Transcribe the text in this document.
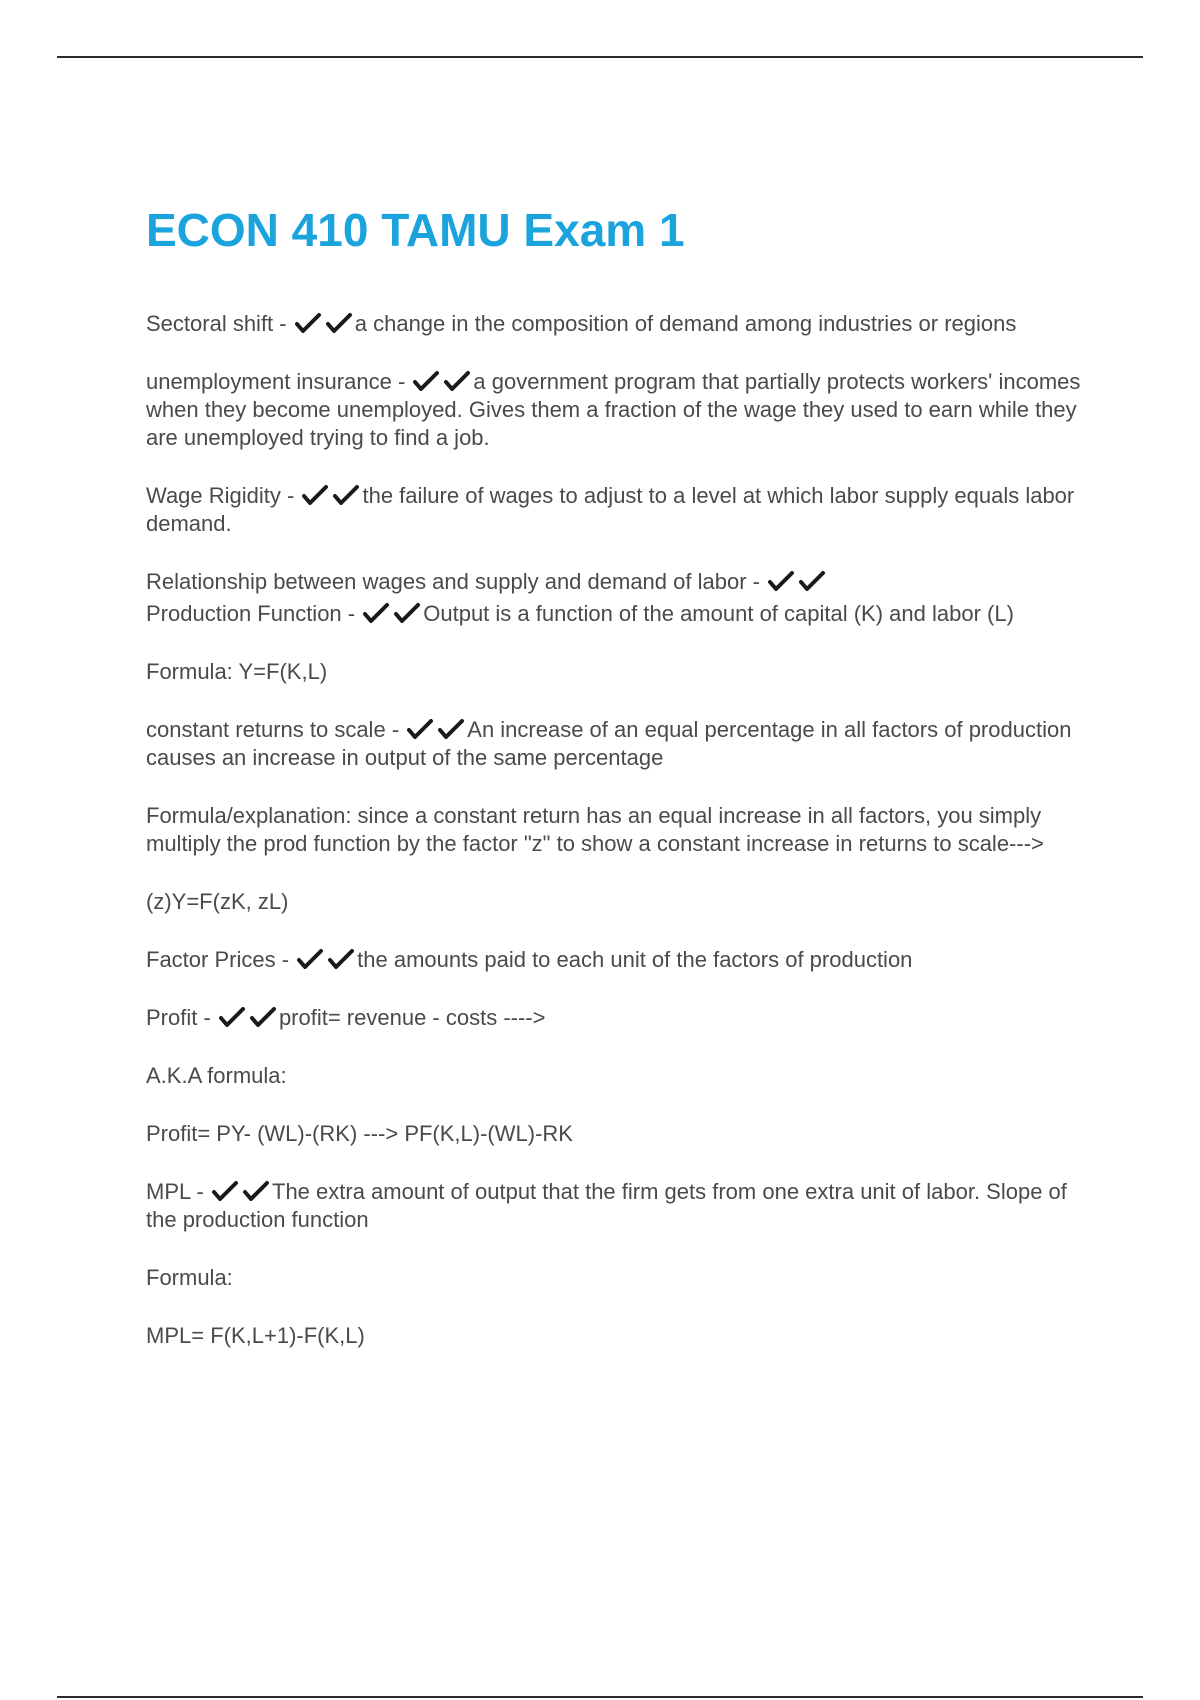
ECON 410 TAMU Exam 1

Sectoral shift -	a change in the composition of demand among industries or regions

unemployment insurance -	a government program that partially protects workers' incomes when they become unemployed. Gives them a fraction of the wage they used to earn while they are unemployed trying to find a job.

Wage Rigidity -	the failure of wages to adjust to a level at which labor supply equals labor demand.

Relationship between wages and supply and demand of labor -

Production Function -	Output is a function of the amount of capital (K) and labor (L)

Formula: Y=F(K,L)

constant returns to scale -	An increase of an equal percentage in all factors of production causes an increase in output of the same percentage

Formula/explanation: since a constant return has an equal increase in all factors, you simply multiply the prod function by the factor "z" to show a constant increase in returns to scale--->

(z)Y=F(zK, zL)

Factor Prices -	the amounts paid to each unit of the factors of production

Profit -	profit= revenue - costs ---->

A.K.A formula:

Profit= PY- (WL)-(RK) ---> PF(K,L)-(WL)-RK

MPL -	The extra amount of output that the firm gets from one extra unit of labor. Slope of the production function

Formula:

MPL= F(K,L+1)-F(K,L)
